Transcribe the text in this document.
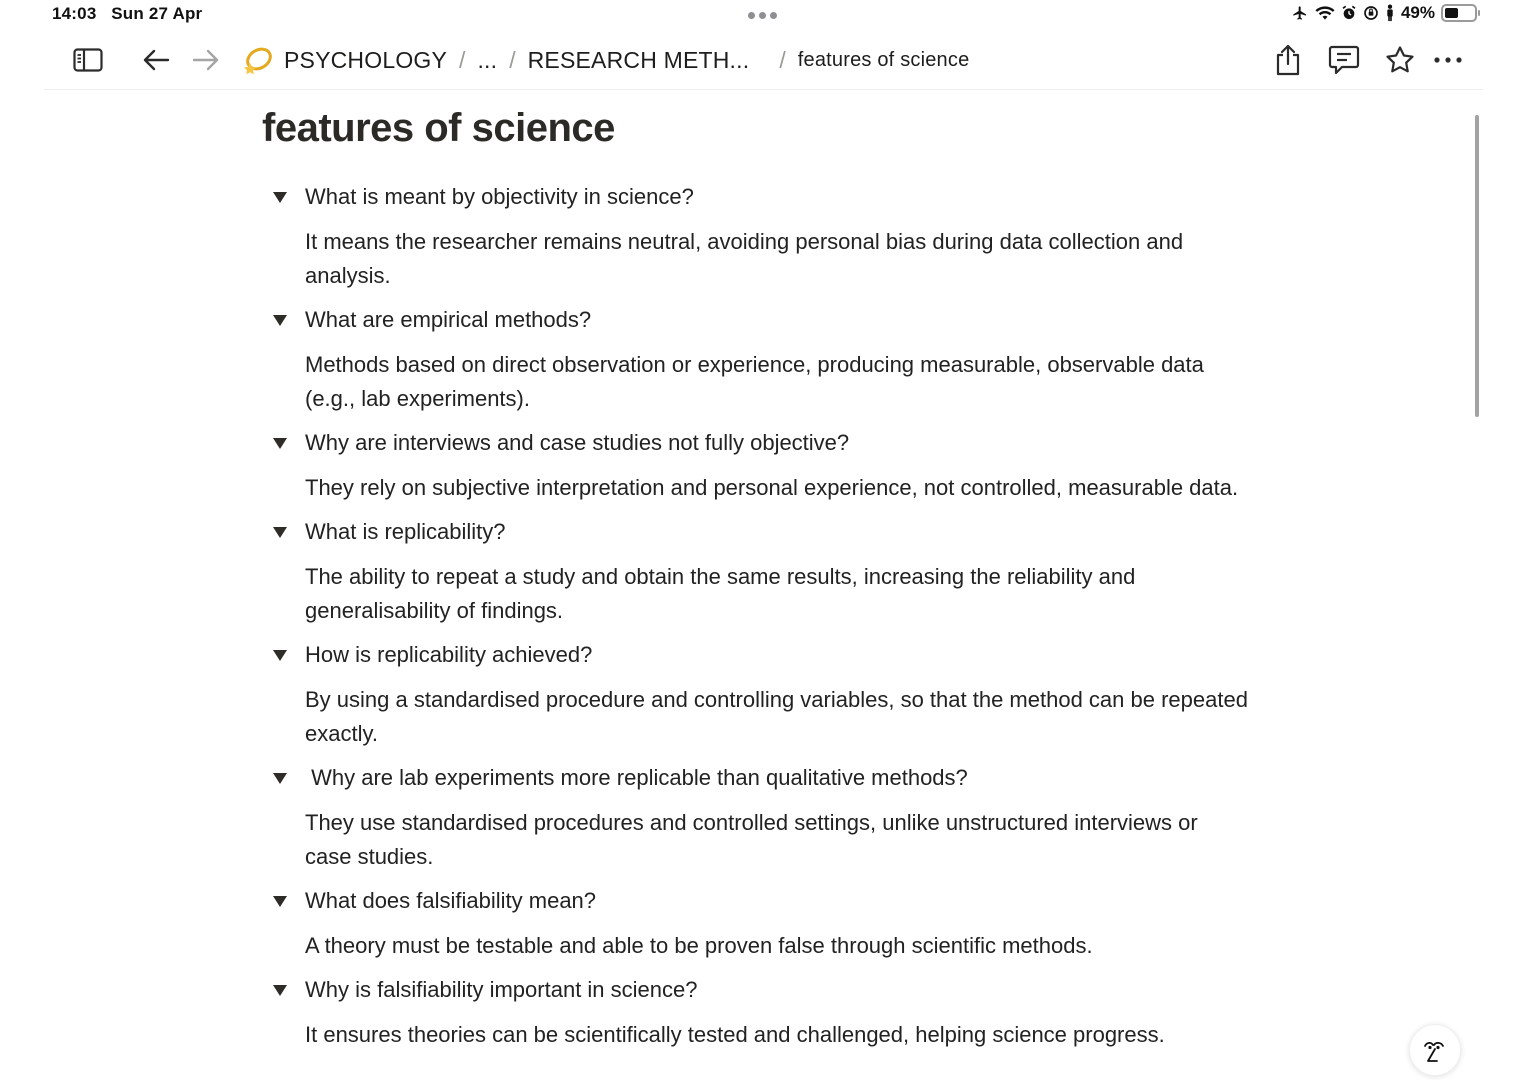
14:03 Sun 27 Apr	49%
PSYCHOLOGY / ... / RESEARCH METH... / features of science
features of science
What is meant by objectivity in science?
It means the researcher remains neutral, avoiding personal bias during data collection and analysis.
What are empirical methods?
Methods based on direct observation or experience, producing measurable, observable data (e.g., lab experiments).
Why are interviews and case studies not fully objective?
They rely on subjective interpretation and personal experience, not controlled, measurable data.
What is replicability?
The ability to repeat a study and obtain the same results, increasing the reliability and generalisability of findings.
How is replicability achieved?
By using a standardised procedure and controlling variables, so that the method can be repeated exactly.
Why are lab experiments more replicable than qualitative methods?
They use standardised procedures and controlled settings, unlike unstructured interviews or case studies.
What does falsifiability mean?
A theory must be testable and able to be proven false through scientific methods.
Why is falsifiability important in science?
It ensures theories can be scientifically tested and challenged, helping science progress.
